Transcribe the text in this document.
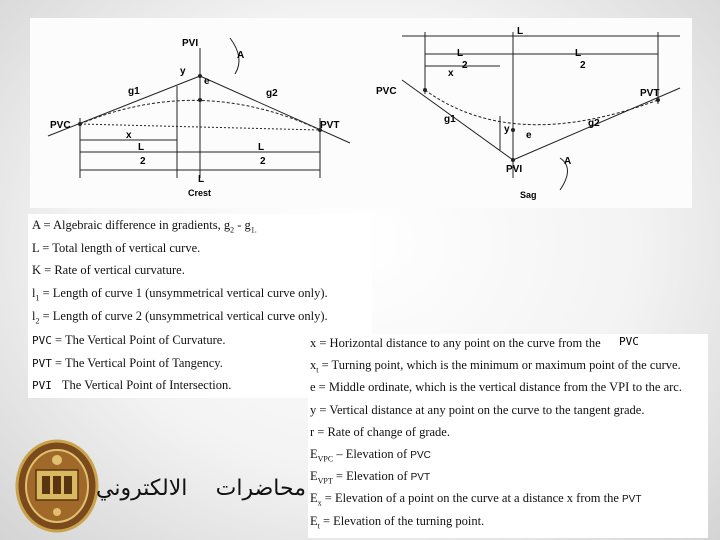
PVI
PVC	PVT
A
g1	g2
y
e
x
L
2
L
2
L
Crest
L
L
2
L
2
x
PVC	PVT
g1	g2
y
e
PVI
A
Sag
A = Algebraic difference in gradients, $g_2 - g_{1.}$
L = Total length of vertical curve.
K = Rate of vertical curvature.
$l_1$ = Length of curve 1 (unsymmetrical vertical curve only).
$l_2$ = Length of curve 2 (unsymmetrical vertical curve only).
PVC = The Vertical Point of Curvature.
PVT = The Vertical Point of Tangency.
PVI The Vertical Point of Intersection.
x = Horizontal distance to any point on the curve from the PVC
$x_t$ = Turning point, which is the minimum or maximum point of the curve.
e = Middle ordinate, which is the vertical distance from the VPI to the arc.
y = Vertical distance at any point on the curve to the tangent grade.
r = Rate of change of grade.
$E_{VPC}$ – Elevation of PVC
$E_{VPT}$ = Elevation of PVT
$E_x$ = Elevation of a point on the curve at a distance x from the PVT
$E_t$ = Elevation of the turning point.
الالكتروني محاضرات
